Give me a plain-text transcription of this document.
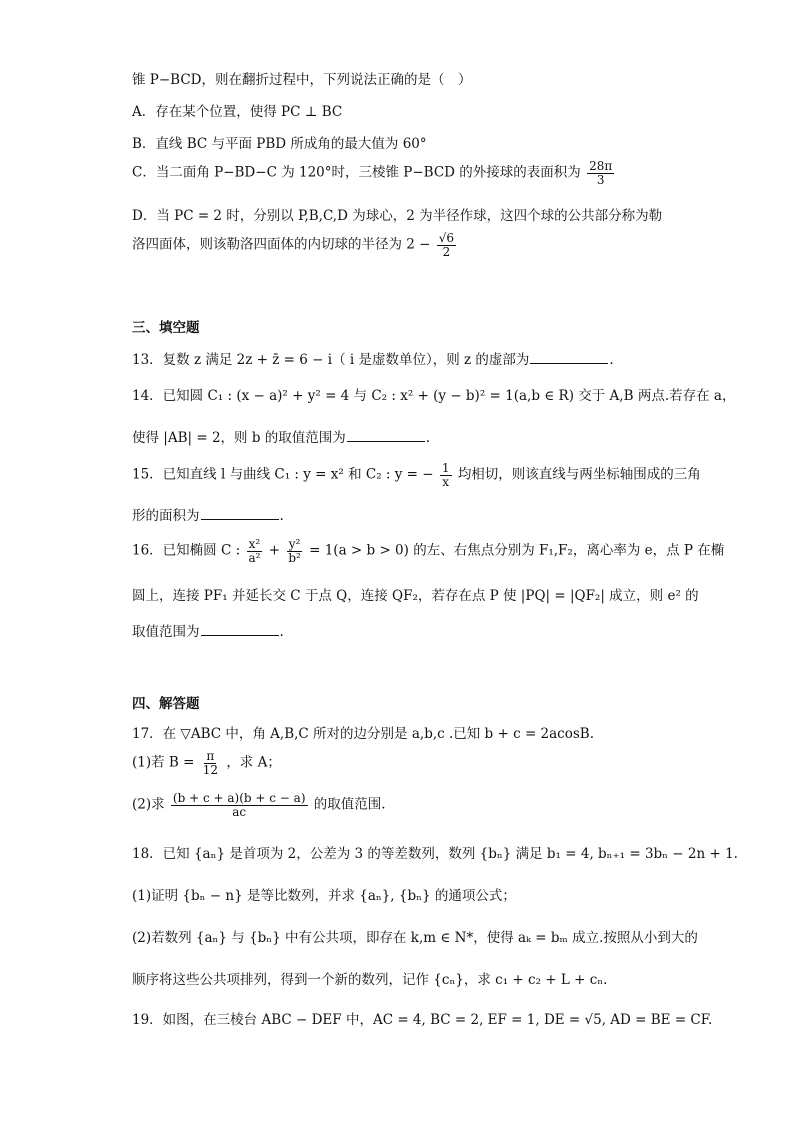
锥 P−BCD，则在翻折过程中，下列说法正确的是（　）
A．存在某个位置，使得 PC ⊥ BC
B．直线 BC 与平面 PBD 所成角的最大值为 60°
C．当二面角 P−BD−C 为 120°时，三棱锥 P−BCD 的外接球的表面积为 $\frac{28\pi}{3}$
D．当 PC = 2 时，分别以 P,B,C,D 为球心，2 为半径作球，这四个球的公共部分称为勒
洛四面体，则该勒洛四面体的内切球的半径为 $2 - \frac{√6}{2}$
三、填空题
13．复数 z 满足 2z + z̄ = 6 − i（ i 是虚数单位），则 z 的虚部为	.
14．已知圆 C₁ : (x − a)² + y² = 4 与 C₂ : x² + (y − b)² = 1(a,b ∈ R) 交于 A,B 两点.若存在 a，
使得 |AB| = 2，则 b 的取值范围为	.
15．已知直线 l 与曲线 C₁ : y = x² 和 C₂ : y = − $\frac{1}{x}$ 均相切，则该直线与两坐标轴围成的三角
形的面积为	.
16．已知椭圆 C : $\frac{\text{x²}}{\text{a²}} + \frac{\text{y²}}{\text{b²}} = 1(a > b > 0)$ 的左、右焦点分别为 F₁,F₂，离心率为 e，点 P 在椭
圆上，连接 PF₁ 并延长交 C 于点 Q，连接 QF₂，若存在点 P 使 |PQ| = |QF₂| 成立，则 e² 的
取值范围为	.
四、解答题
17．在 ▽ABC 中，角 A,B,C 所对的边分别是 a,b,c .已知 b + c = 2acosB.
(1)若 $B = \frac{\pi}{12}$ ，求 A；
(2)求 $\frac{(b + c + a)(b + c - a)}{ac}$ 的取值范围.
18．已知 {aₙ} 是首项为 2，公差为 3 的等差数列，数列 {bₙ} 满足 b₁ = 4, bₙ₊₁ = 3bₙ − 2n + 1.
(1)证明 {bₙ − n} 是等比数列，并求 {aₙ}, {bₙ} 的通项公式；
(2)若数列 {aₙ} 与 {bₙ} 中有公共项，即存在 k,m ∈ N*，使得 aₖ = bₘ 成立.按照从小到大的
顺序将这些公共项排列，得到一个新的数列，记作 {cₙ}，求 c₁ + c₂ + L + cₙ.
19．如图，在三棱台 ABC − DEF 中，AC = 4, BC = 2, EF = 1, DE = √5, AD = BE = CF.
